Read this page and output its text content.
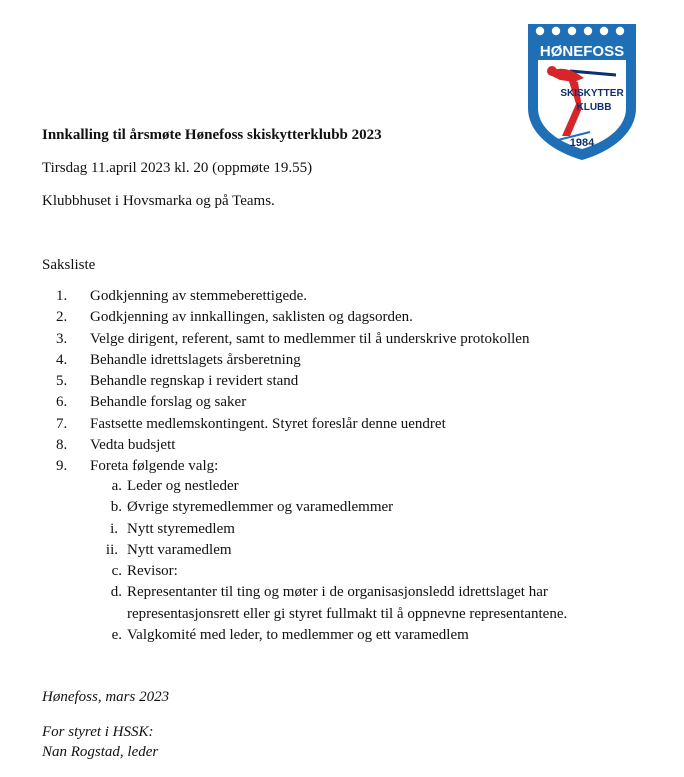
HØNEFOSS
SKISKYTTER
KLUBB
1984

Innkalling til årsmøte Hønefoss skiskytterklubb 2023

Tirsdag 11.april 2023 kl. 20 (oppmøte 19.55)

Klubbhuset i Hovsmarka og på Teams.

Saksliste

1.	Godkjenning av stemmeberettigede.
2.	Godkjenning av innkallingen, saklisten og dagsorden.
3.	Velge dirigent, referent, samt to medlemmer til å underskrive protokollen
4.	Behandle idrettslagets årsberetning
5.	Behandle regnskap i revidert stand
6.	Behandle forslag og saker
7.	Fastsette medlemskontingent. Styret foreslår denne uendret
8.	Vedta budsjett
9.	Foreta følgende valg:
a. Leder og nestleder
b. Øvrige styremedlemmer og varamedlemmer
i. Nytt styremedlem
ii. Nytt varamedlem
c. Revisor:
d. Representanter til ting og møter i de organisasjonsledd idrettslaget har representasjonsrett eller gi styret fullmakt til å oppnevne representantene.
e. Valgkomité med leder, to medlemmer og ett varamedlem

Hønefoss, mars 2023

For styret i HSSK:

Nan Rogstad, leder
